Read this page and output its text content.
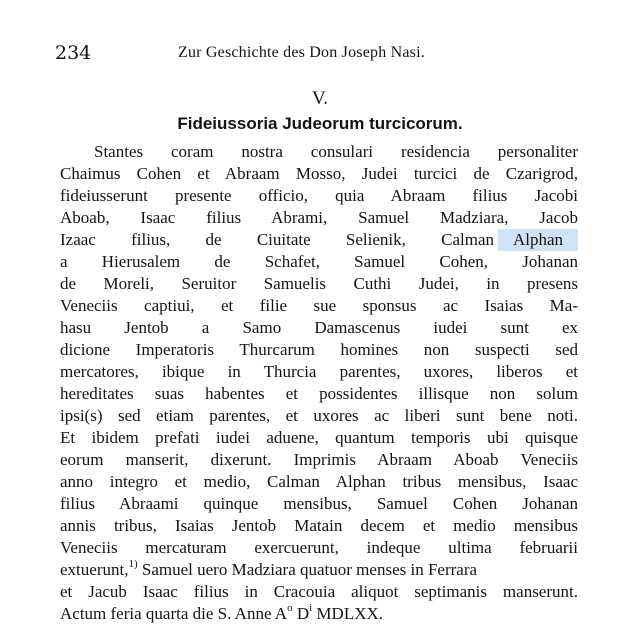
234	Zur Geschichte des Don Joseph Nasi.
V.
Fideiussoria Judeorum turcicorum.
Stantes coram nostra consulari residencia personaliter
Chaimus Cohen et Abraam Mosso, Judei turcici de Czarigrod,
fideiusserunt presente officio, quia Abraam filius Jacobi
Aboab, Isaac filius Abrami, Samuel Madziara, Jacob
Izaac filius, de Ciuitate Selienik, Calman	Alphan
a Hierusalem de Schafet, Samuel Cohen, Johanan
de Moreli, Seruitor Samuelis Cuthi Judei, in presens
Veneciis captiui, et filie sue sponsus ac Isaias Ma-
hasu Jentob a Samo Damascenus iudei sunt ex
dicione Imperatoris Thurcarum homines non suspecti sed
mercatores, ibique in Thurcia parentes, uxores, liberos et
hereditates suas habentes et possidentes illisque non solum
ipsi(s) sed etiam parentes, et uxores ac liberi sunt bene noti.
Et ibidem prefati iudei aduene, quantum temporis ubi quisque
eorum manserit, dixerunt. Imprimis Abraam Aboab Veneciis
anno integro et medio, Calman Alphan tribus mensibus, Isaac
filius Abraami quinque mensibus, Samuel Cohen Johanan
annis tribus, Isaias Jentob Matain decem et medio mensibus
Veneciis mercaturam exercuerunt, indeque ultima februarii
extuerunt,$^{1)}$ Samuel uero Madziara quatuor menses in Ferrara
et Jacub Isaac filius in Cracouia aliquot septimanis manserunt.
Actum feria quarta die S. Anne $A^o$ $D^i$ MDLXX.
